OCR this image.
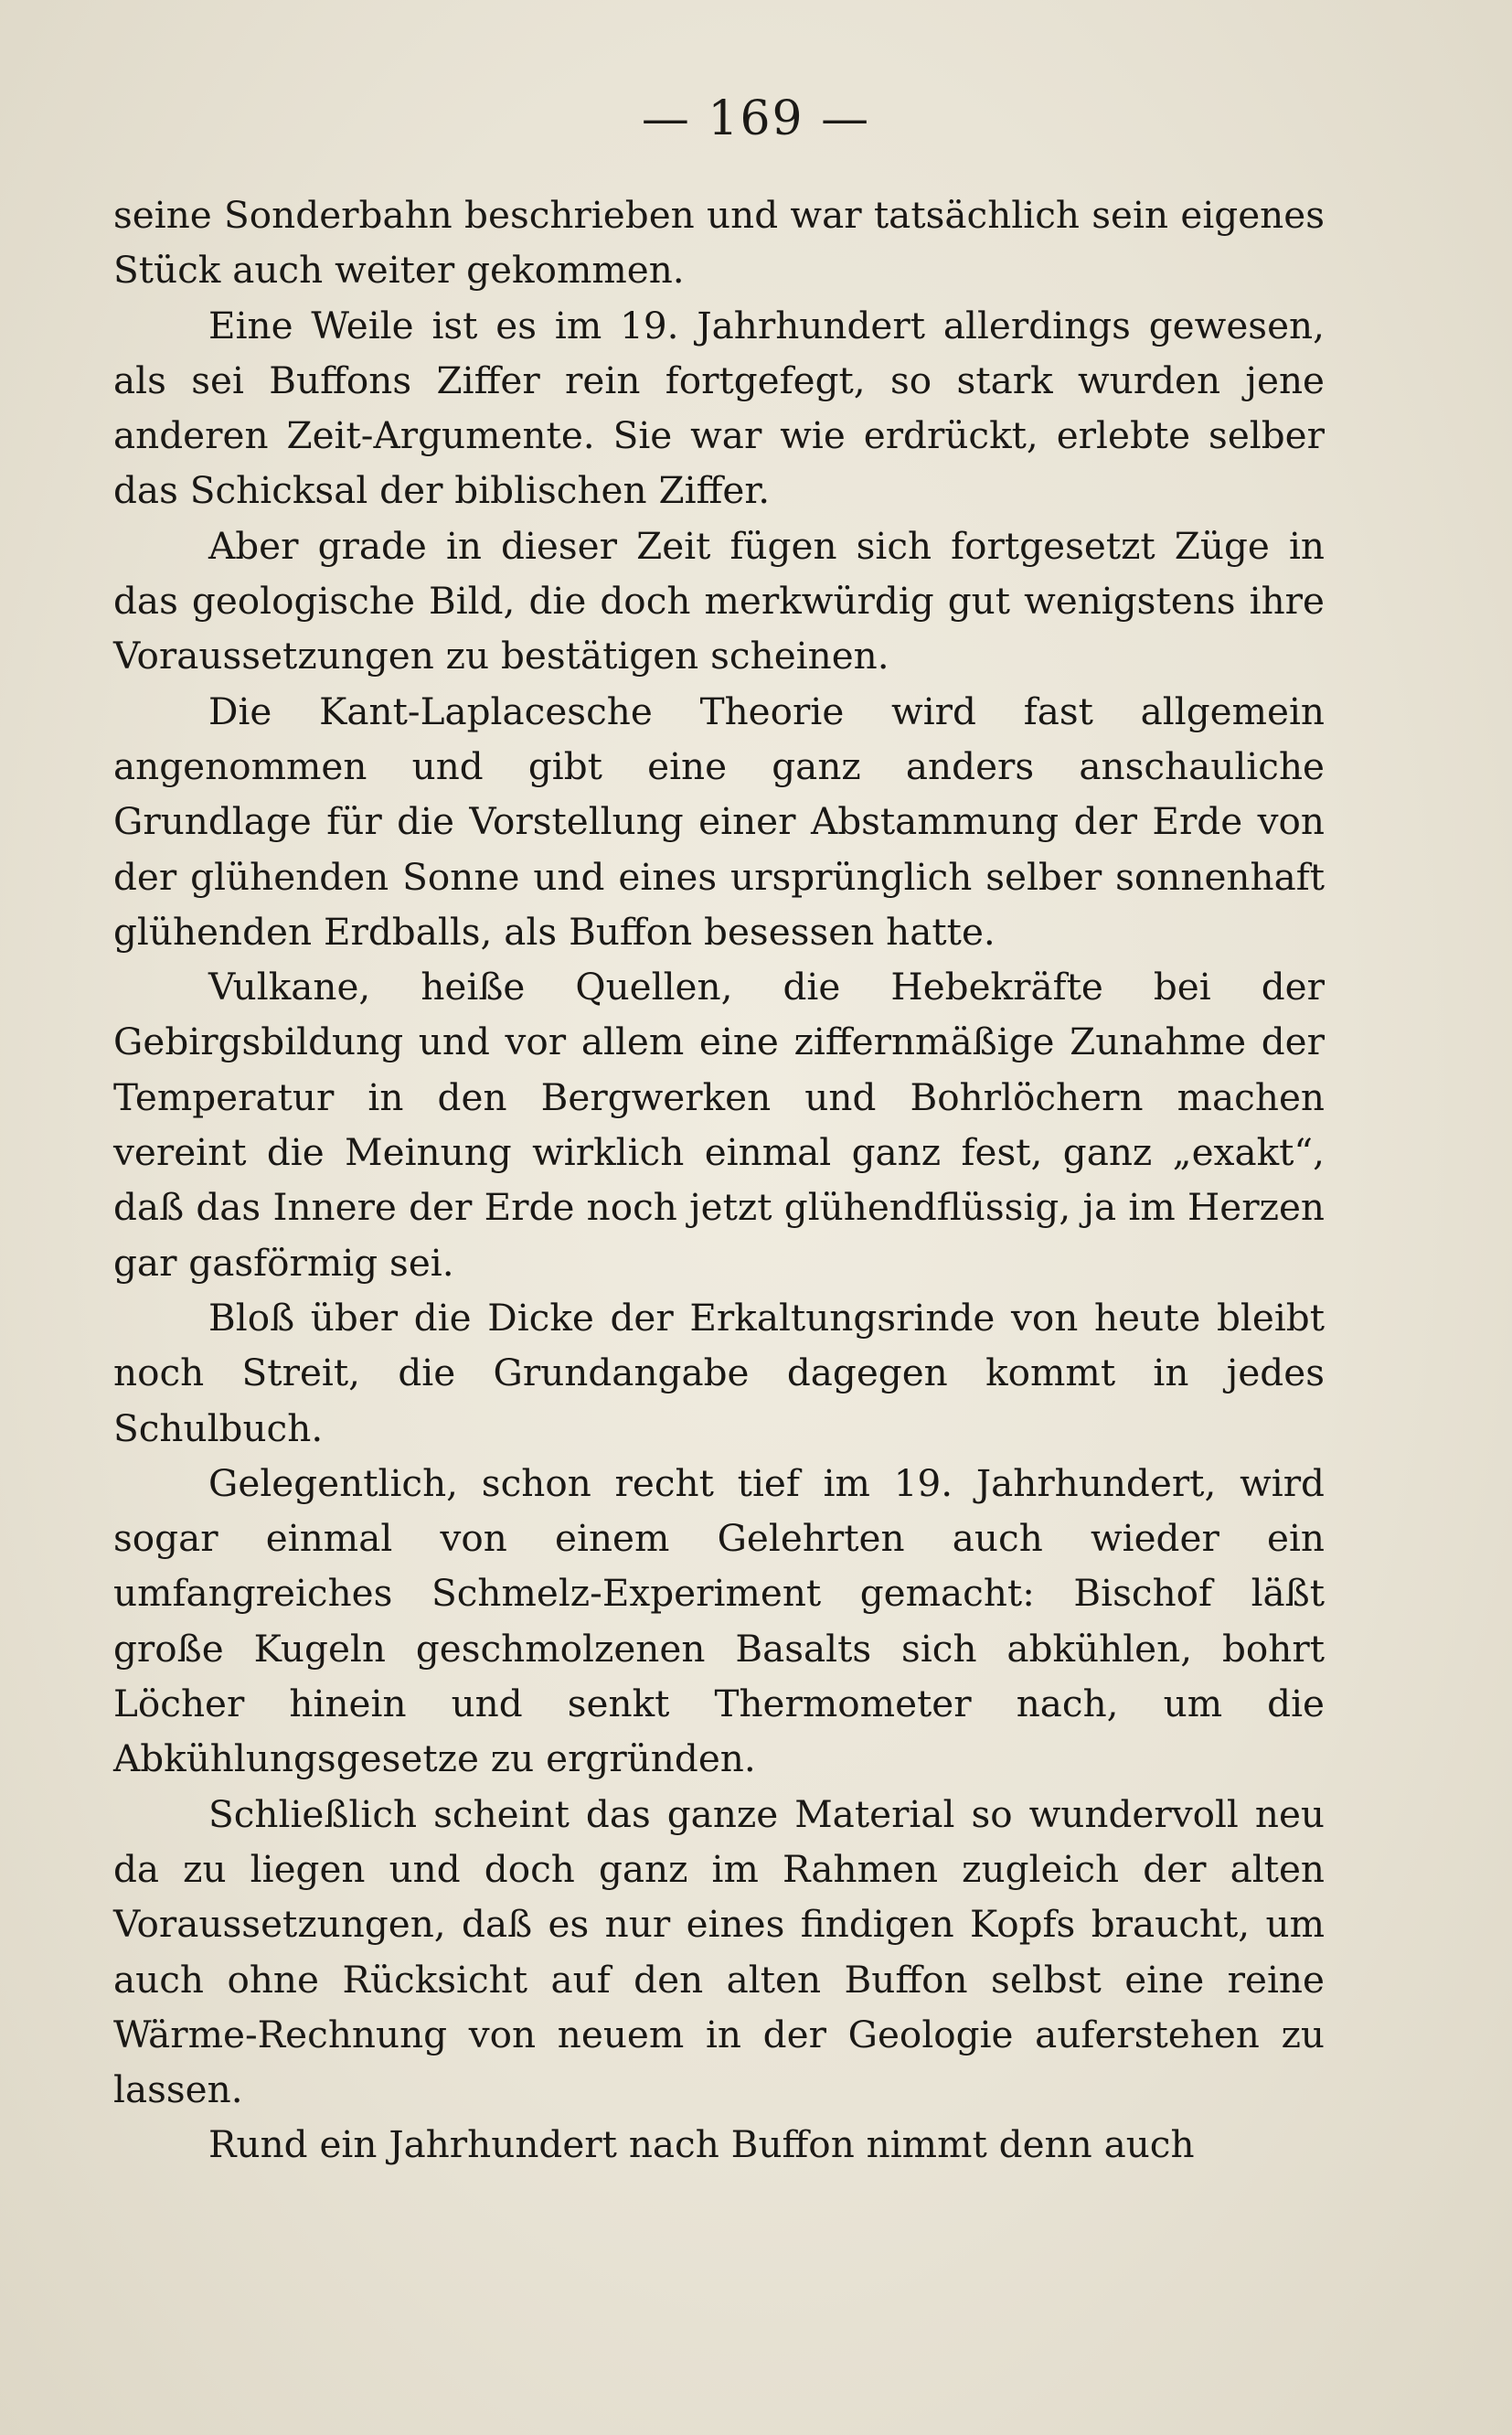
— 169 —

seine Sonderbahn beschrieben und war tatsächlich sein eigenes Stück auch weiter gekommen.

Eine Weile ist es im 19. Jahrhundert allerdings gewesen, als sei Buffons Ziffer rein fortgefegt, so stark wurden jene anderen Zeit-Argumente. Sie war wie erdrückt, erlebte selber das Schicksal der biblischen Ziffer.

Aber grade in dieser Zeit fügen sich fortgesetzt Züge in das geologische Bild, die doch merkwürdig gut wenigstens ihre Voraussetzungen zu bestätigen scheinen.

Die Kant-Laplacesche Theorie wird fast allgemein angenommen und gibt eine ganz anders anschauliche Grundlage für die Vorstellung einer Abstammung der Erde von der glühenden Sonne und eines ursprünglich selber sonnenhaft glühenden Erdballs, als Buffon besessen hatte.

Vulkane, heiße Quellen, die Hebekräfte bei der Gebirgsbildung und vor allem eine ziffernmäßige Zunahme der Temperatur in den Bergwerken und Bohrlöchern machen vereint die Meinung wirklich einmal ganz fest, ganz „exakt“, daß das Innere der Erde noch jetzt glühendflüssig, ja im Herzen gar gasförmig sei.

Bloß über die Dicke der Erkaltungsrinde von heute bleibt noch Streit, die Grundangabe dagegen kommt in jedes Schulbuch.

Gelegentlich, schon recht tief im 19. Jahrhundert, wird sogar einmal von einem Gelehrten auch wieder ein umfangreiches Schmelz-Experiment gemacht: Bischof läßt große Kugeln geschmolzenen Basalts sich abkühlen, bohrt Löcher hinein und senkt Thermometer nach, um die Abkühlungsgesetze zu ergründen.

Schließlich scheint das ganze Material so wundervoll neu da zu liegen und doch ganz im Rahmen zugleich der alten Voraussetzungen, daß es nur eines findigen Kopfs braucht, um auch ohne Rücksicht auf den alten Buffon selbst eine reine Wärme-Rechnung von neuem in der Geologie auferstehen zu lassen.

Rund ein Jahrhundert nach Buffon nimmt denn auch
